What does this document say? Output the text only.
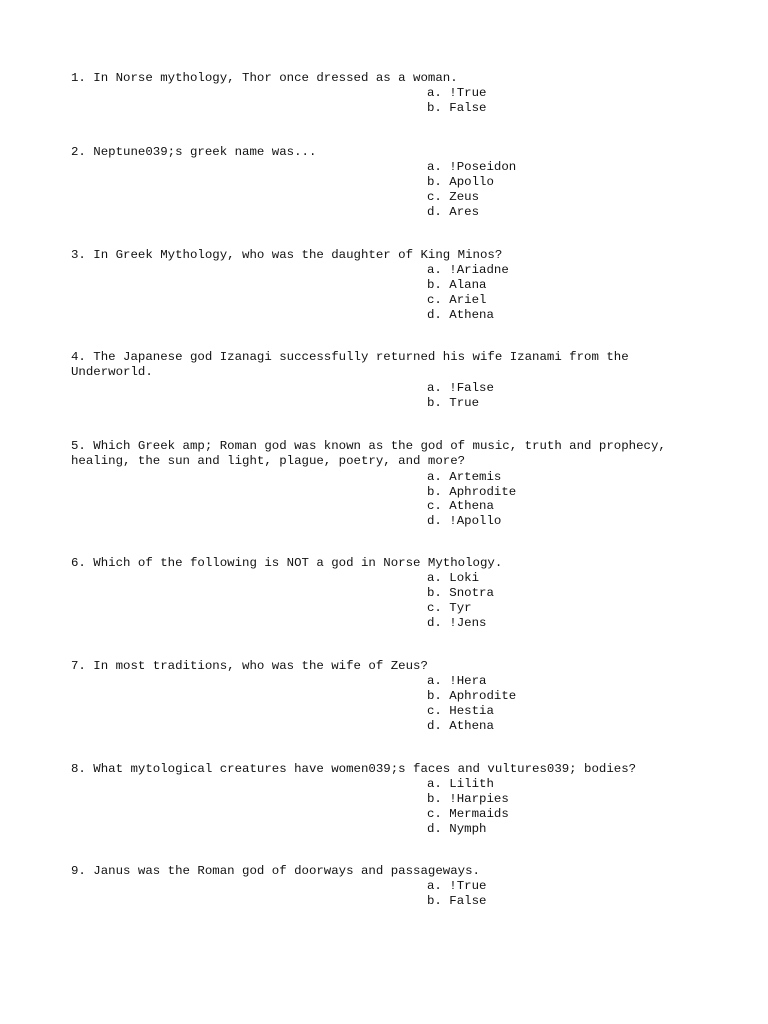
1. In Norse mythology, Thor once dressed as a woman.

a. !True
b. False

2. Neptune039;s greek name was...

a. !Poseidon
b. Apollo
c. Zeus
d. Ares

3. In Greek Mythology, who was the daughter of King Minos?

a. !Ariadne
b. Alana
c. Ariel
d. Athena

4. The Japanese god Izanagi successfully returned his wife Izanami from the
Underworld.

a. !False
b. True

5. Which Greek amp; Roman god was known as the god of music, truth and prophecy,
healing, the sun and light, plague, poetry, and more?

a. Artemis
b. Aphrodite
c. Athena
d. !Apollo

6. Which of the following is NOT a god in Norse Mythology.

a. Loki
b. Snotra
c. Tyr
d. !Jens

7. In most traditions, who was the wife of Zeus?

a. !Hera
b. Aphrodite
c. Hestia
d. Athena

8. What mytological creatures have women039;s faces and vultures039; bodies?

a. Lilith
b. !Harpies
c. Mermaids
d. Nymph

9. Janus was the Roman god of doorways and passageways.

a. !True
b. False
